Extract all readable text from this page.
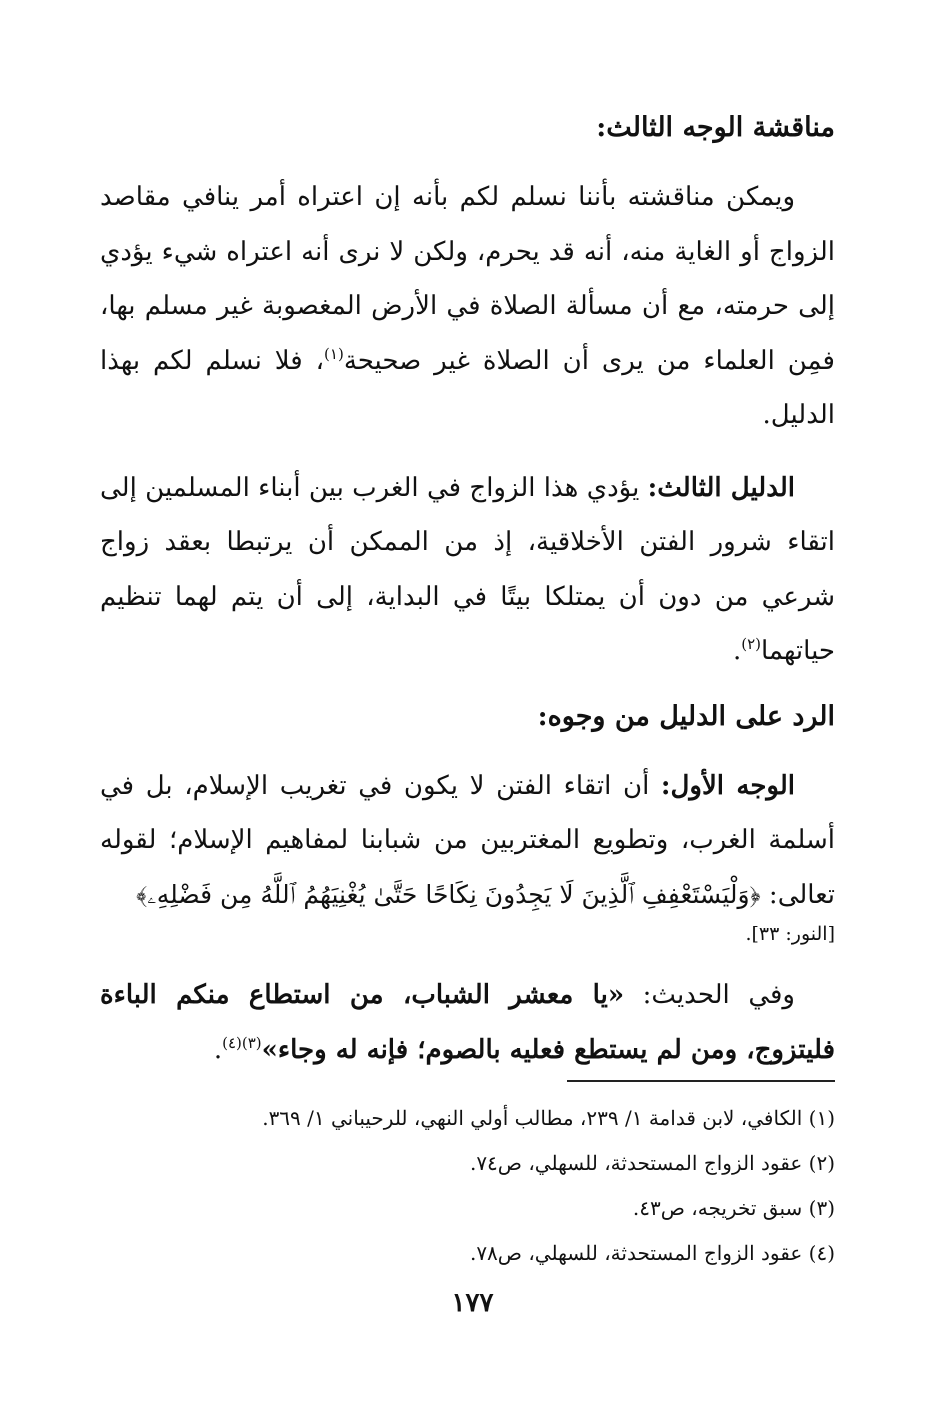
مناقشة الوجه الثالث:

ويمكن مناقشته بأننا نسلم لكم بأنه إن اعتراه أمر ينافي مقاصد الزواج أو الغاية منه، أنه قد يحرم، ولكن لا نرى أنه اعتراه شيء يؤدي إلى حرمته، مع أن مسألة الصلاة في الأرض المغصوبة غير مسلم بها، فمِن العلماء من يرى أن الصلاة غير صحيحة$^{(١)}$، فلا نسلم لكم بهذا الدليل.

الدليل الثالث: يؤدي هذا الزواج في الغرب بين أبناء المسلمين إلى اتقاء شرور الفتن الأخلاقية، إذ من الممكن أن يرتبطا بعقد زواج شرعي من دون أن يمتلكا بيتًا في البداية، إلى أن يتم لهما تنظيم حياتهما$^{(٢)}$.

الرد على الدليل من وجوه:

الوجه الأول: أن اتقاء الفتن لا يكون في تغريب الإسلام، بل في أسلمة الغرب، وتطويع المغتربين من شبابنا لمفاهيم الإسلام؛ لقوله تعالى: ﴿وَلْيَسْتَعْفِفِ ٱلَّذِينَ لَا يَجِدُونَ نِكَاحًا حَتَّىٰ يُغْنِيَهُمُ ٱللَّهُ مِن فَضْلِهِۦ﴾

[النور: ٣٣].

وفي الحديث: «يا معشر الشباب، من استطاع منكم الباءة فليتزوج، ومن لم يستطع فعليه بالصوم؛ فإنه له وجاء»$^{(٣)(٤)}$.

(١) الكافي، لابن قدامة ١/ ٢٣٩، مطالب أولي النهي، للرحيباني ١/ ٣٦٩.

(٢) عقود الزواج المستحدثة، للسهلي، ص٧٤.

(٣) سبق تخريجه، ص٤٣.

(٤) عقود الزواج المستحدثة، للسهلي، ص٧٨.

١٧٧
